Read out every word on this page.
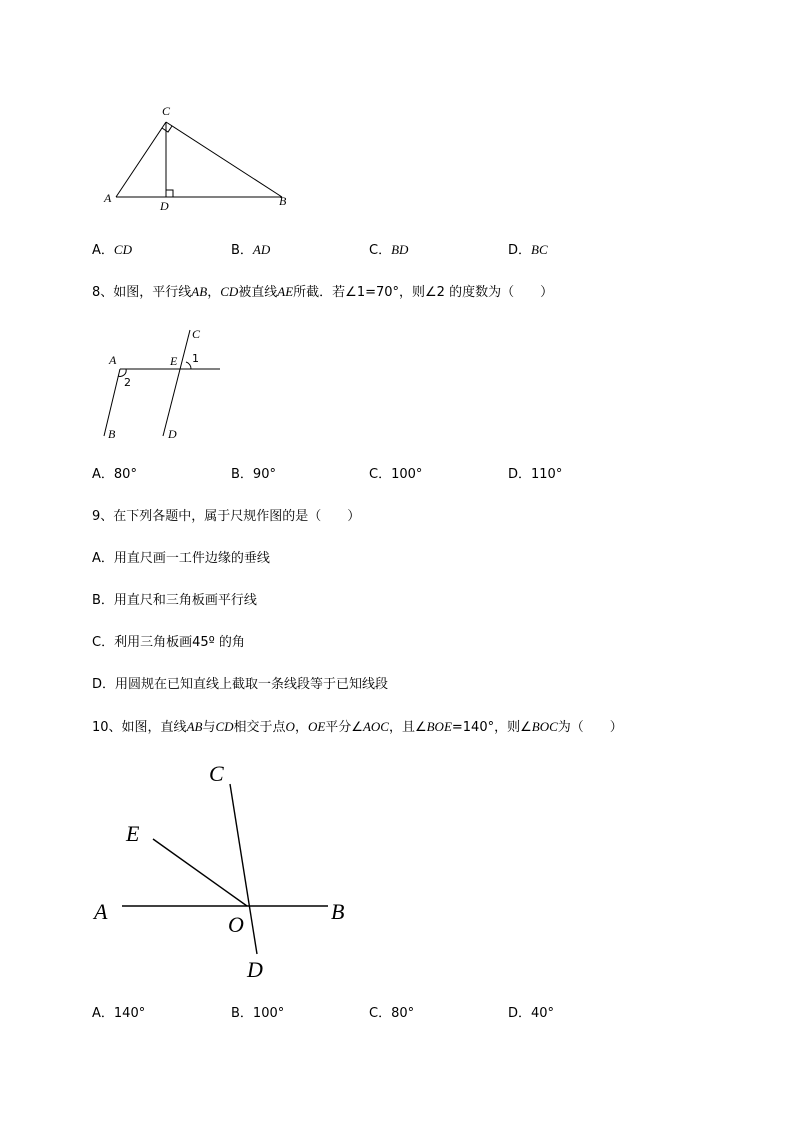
C
A
D	B
A．CD	B．AD	C．BD	D．BC
8、如图，平行线AB，CD被直线AE所截．若∠1=70°，则∠2 的度数为（　　）
A	E
C
1
2
B	D
A．80°	B．90°	C．100°	D．110°
9、在下列各题中，属于尺规作图的是（　　）
A．用直尺画一工件边缘的垂线
B．用直尺和三角板画平行线
C．利用三角板画45º 的角
D．用圆规在已知直线上截取一条线段等于已知线段
10、如图，直线AB与CD相交于点O，OE平分∠AOC，且∠BOE=140°，则∠BOC为（　　）
C
E
A	B
O
D
A．140°	B．100°	C．80°	D．40°
